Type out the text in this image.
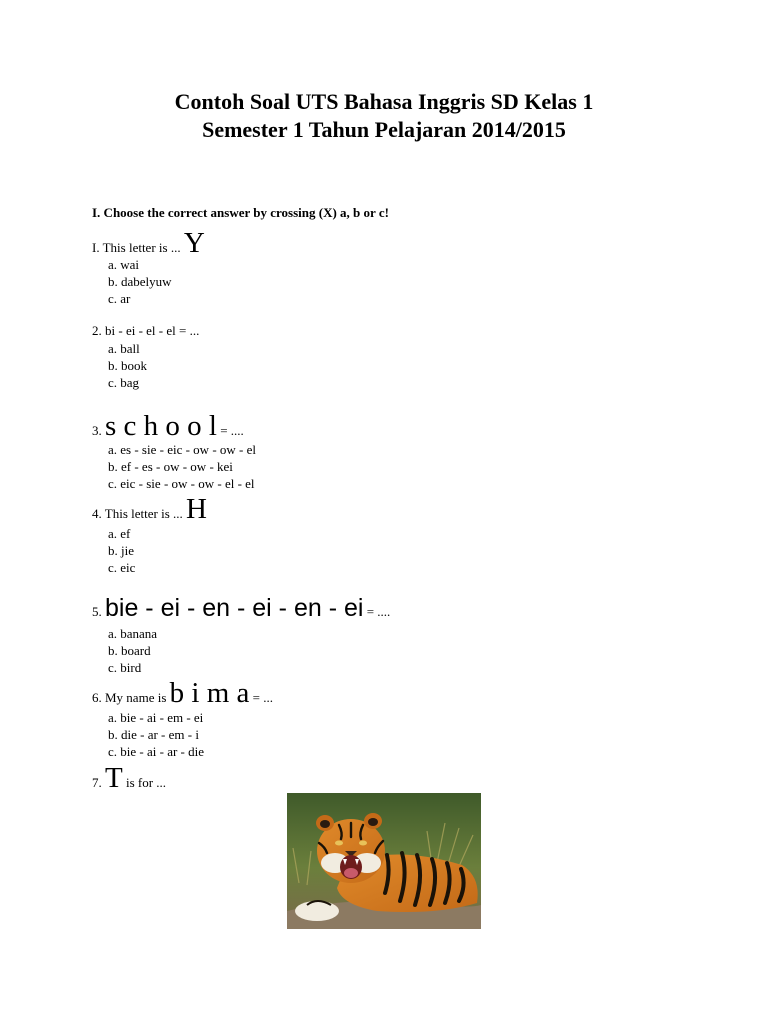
Contoh Soal UTS Bahasa Inggris SD Kelas 1
Semester 1 Tahun Pelajaran 2014/2015
I. Choose the correct answer by crossing (X) a, b or c!
I. This letter is ... Y
a. wai
b. dabelyuw
c. ar
2. bi - ei - el - el = ...
a. ball
b. book
c. bag
3. s c h o o l = ....
a. es - sie - eic - ow - ow - el
b. ef - es - ow - ow - kei
c. eic - sie - ow - ow - el - el
4. This letter is ... H
a. ef
b. jie
c. eic
5. bie - ei - en - ei - en - ei = ....
a. banana
b. board
c. bird
6. My name is b i m a = ...
a. bie - ai - em - ei
b. die - ar - em - i
c. bie - ai - ar - die
7. T is for ...
